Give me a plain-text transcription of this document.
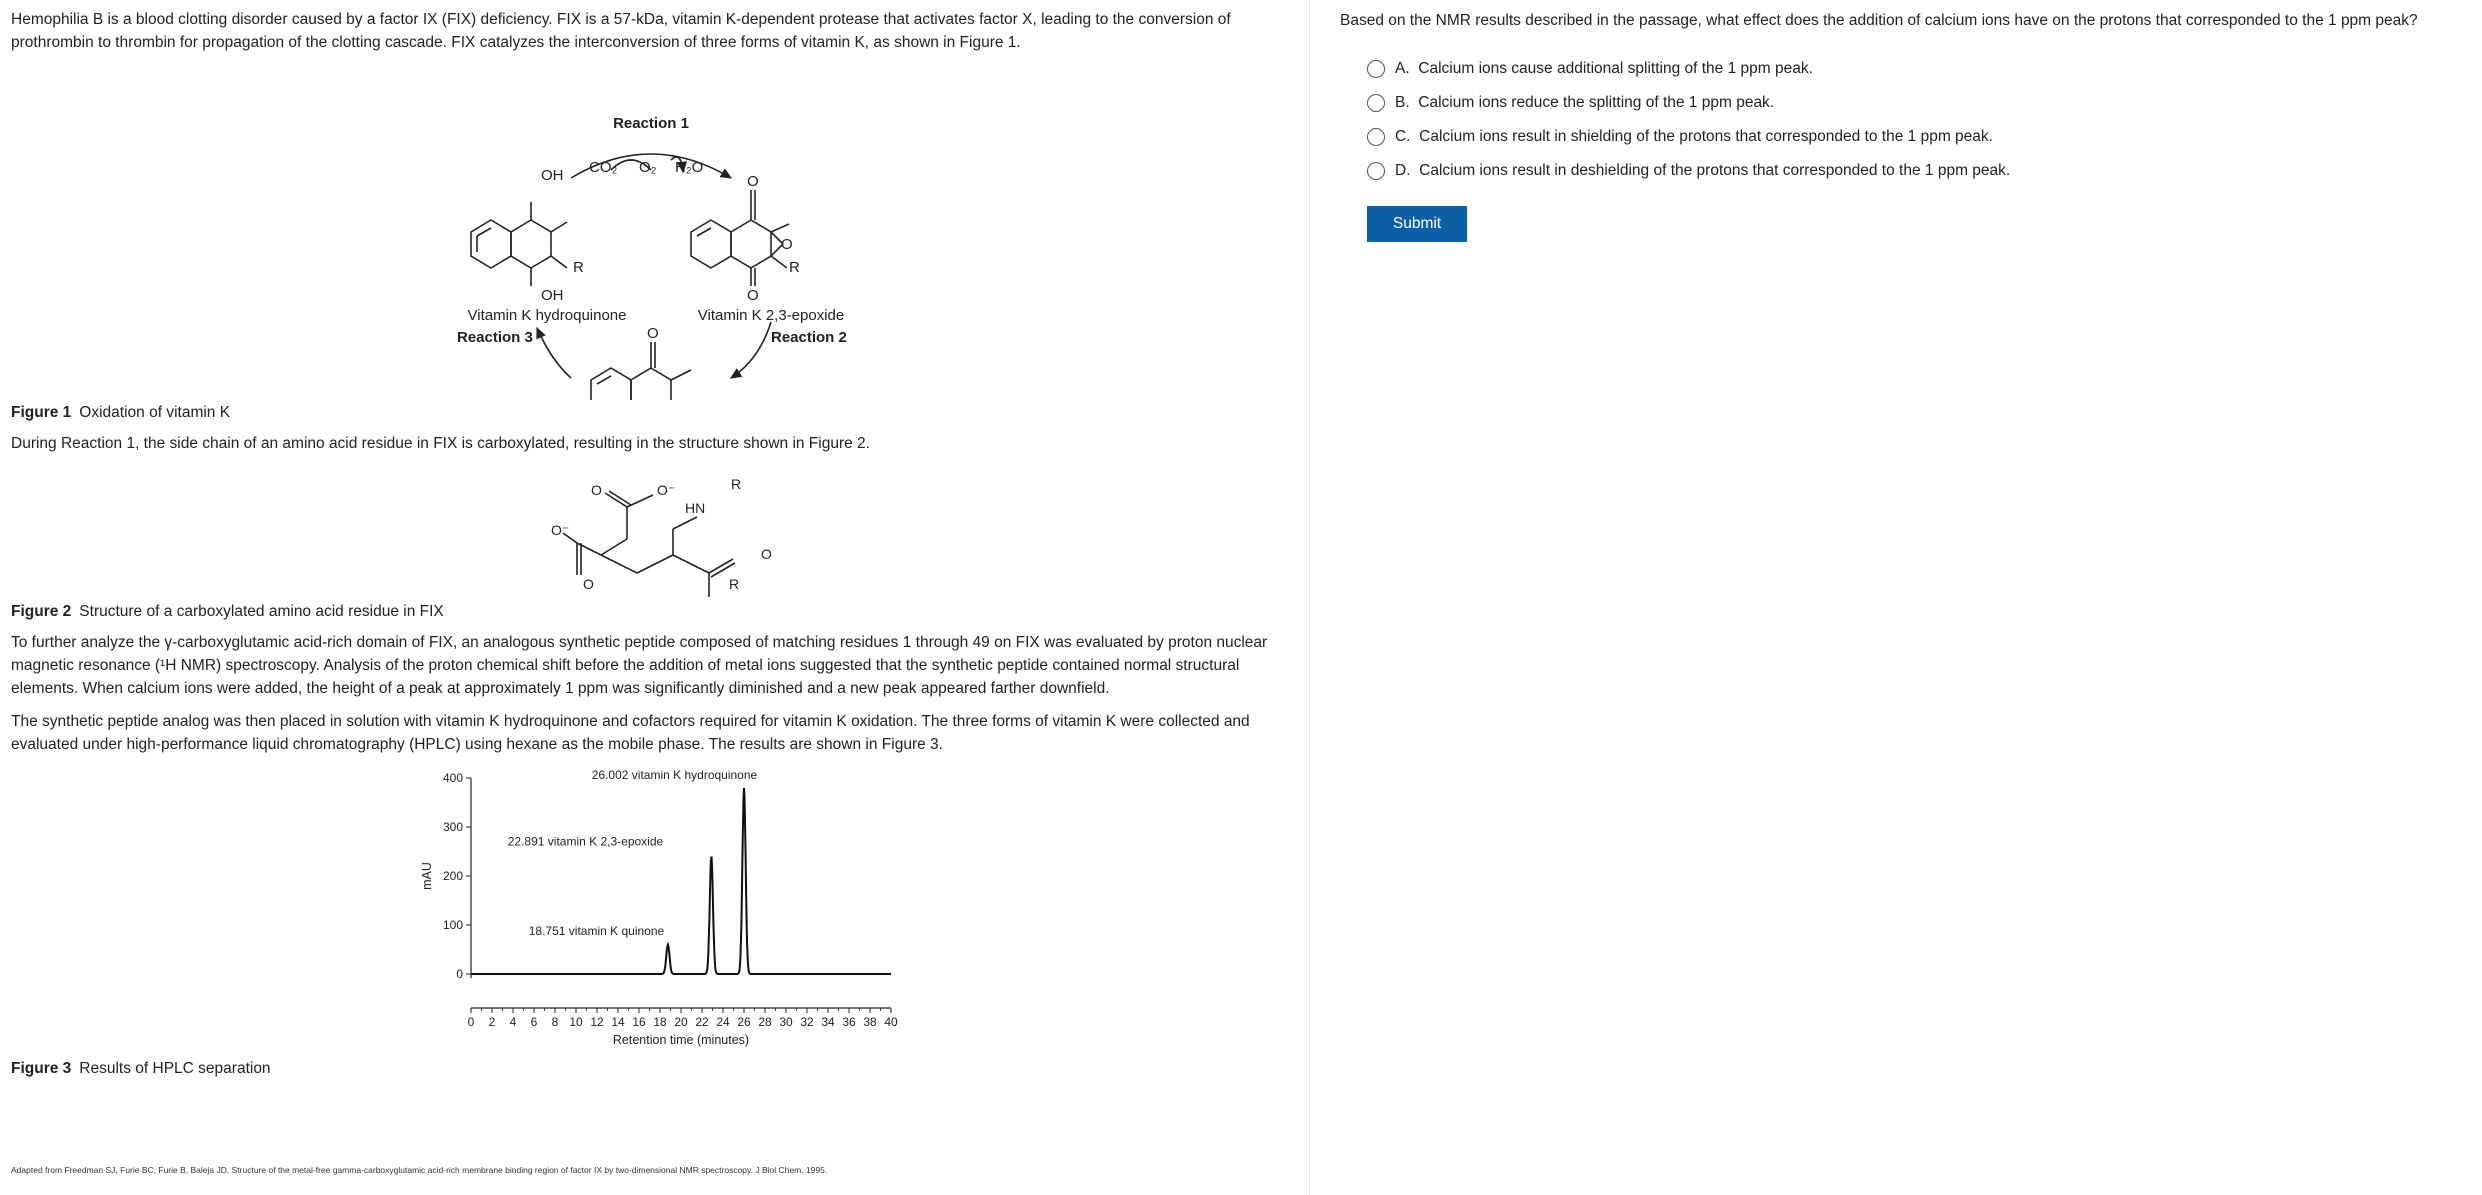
Hemophilia B is a blood clotting disorder caused by a factor IX (FIX) deficiency. FIX is a 57-kDa, vitamin K-dependent protease that activates factor X, leading to the conversion of prothrombin to thrombin for propagation of the clotting cascade. FIX catalyzes the interconversion of three forms of vitamin K, as shown in Figure 1.

Reaction 1
Reaction 2
Reaction 3
OH
OH
CO₂ O₂ H₂O
R
O
O
O
R
Vitamin K hydroquinone	Vitamin K 2,3-epoxide
O

Figure 1 Oxidation of vitamin K

During Reaction 1, the side chain of an amino acid residue in FIX is carboxylated, resulting in the structure shown in Figure 2.

O	O⁻	R
HN
O⁻
O
O	R

Figure 2 Structure of a carboxylated amino acid residue in FIX

To further analyze the γ-carboxyglutamic acid-rich domain of FIX, an analogous synthetic peptide composed of matching residues 1 through 49 on FIX was evaluated by proton nuclear magnetic resonance (¹H NMR) spectroscopy. Analysis of the proton chemical shift before the addition of metal ions suggested that the synthetic peptide contained normal structural elements. When calcium ions were added, the height of a peak at approximately 1 ppm was significantly diminished and a new peak appeared farther downfield.

The synthetic peptide analog was then placed in solution with vitamin K hydroquinone and cofactors required for vitamin K oxidation. The three forms of vitamin K were collected and evaluated under high-performance liquid chromatography (HPLC) using hexane as the mobile phase. The results are shown in Figure 3.

0
100
200
300
400
0 2 4 6 8 10 12 14 16 18 20 22 24 26 28 30 32 34 36 38 40
Retention time (minutes)
mAU
18.751 vitamin K quinone
22.891 vitamin K 2,3-epoxide
26.002 vitamin K hydroquinone

Figure 3 Results of HPLC separation

Adapted from Freedman SJ, Furie BC, Furie B, Baleja JD. Structure of the metal-free gamma-carboxyglutamic acid-rich membrane binding region of factor IX by two-dimensional NMR spectroscopy. J Biol Chem. 1995.

Based on the NMR results described in the passage, what effect does the addition of calcium ions have on the protons that corresponded to the 1 ppm peak?

A. Calcium ions cause additional splitting of the 1 ppm peak.
B. Calcium ions reduce the splitting of the 1 ppm peak.
C. Calcium ions result in shielding of the protons that corresponded to the 1 ppm peak.
D. Calcium ions result in deshielding of the protons that corresponded to the 1 ppm peak.
Submit
